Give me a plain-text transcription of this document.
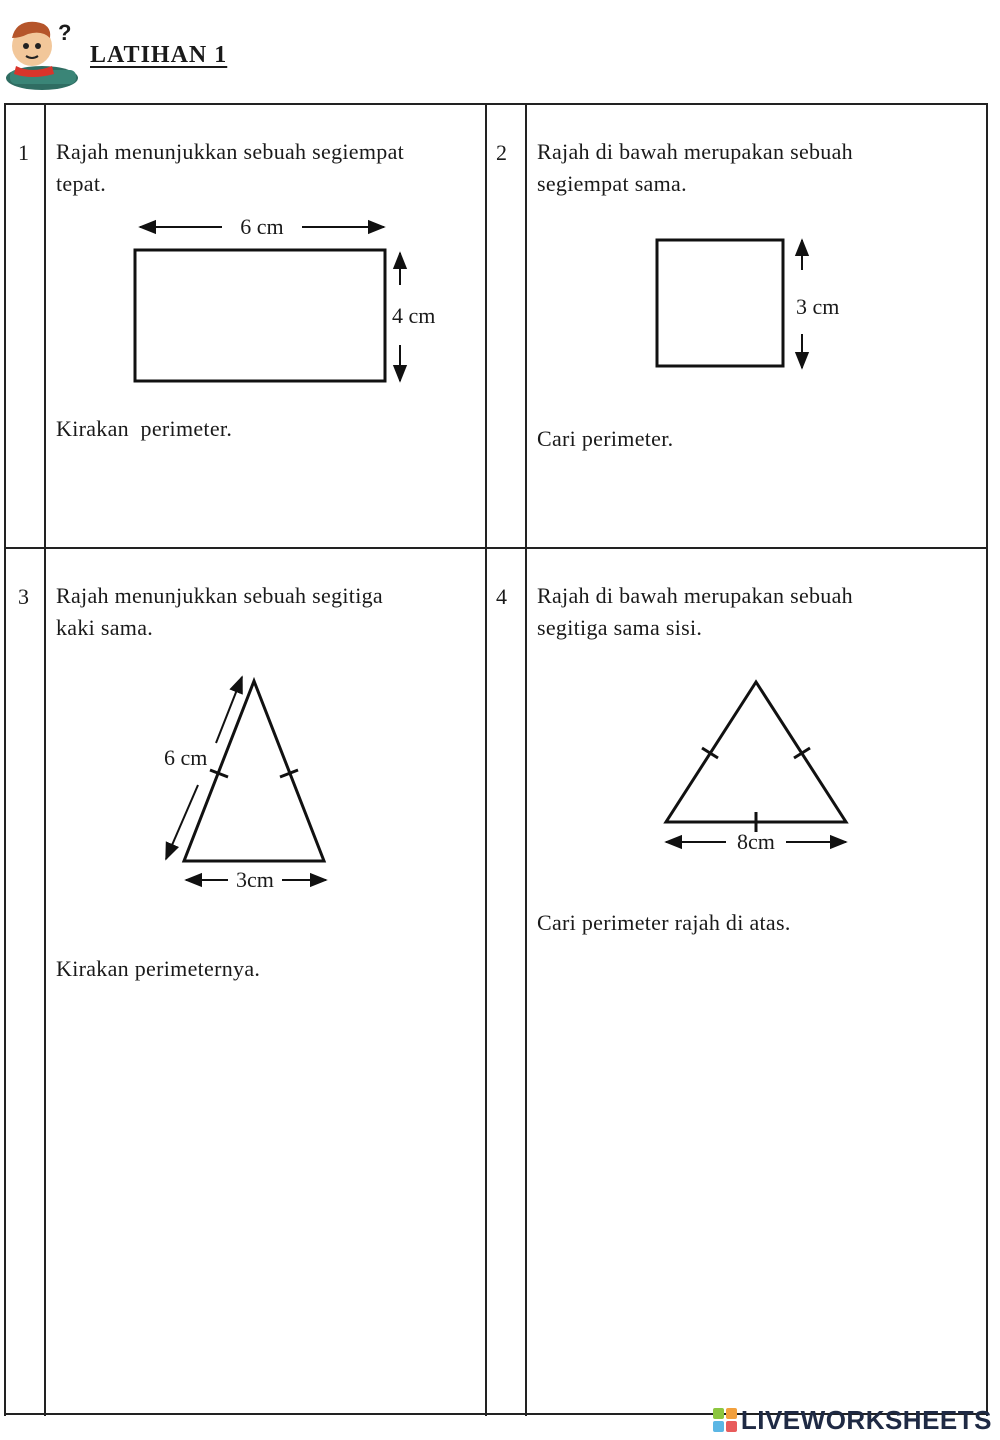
?
LATIHAN 1
1 Rajah menunjukkan sebuah segiempat
tepat.
6 cm
4 cm
Kirakan  perimeter.
2 Rajah di bawah merupakan sebuah
segiempat sama.
3 cm
Cari perimeter.
3 Rajah menunjukkan sebuah segitiga
kaki sama.
6 cm
3cm
Kirakan perimeternya.
4 Rajah di bawah merupakan sebuah
segitiga sama sisi.
8cm
Cari perimeter rajah di atas.
LIVEWORKSHEETS
